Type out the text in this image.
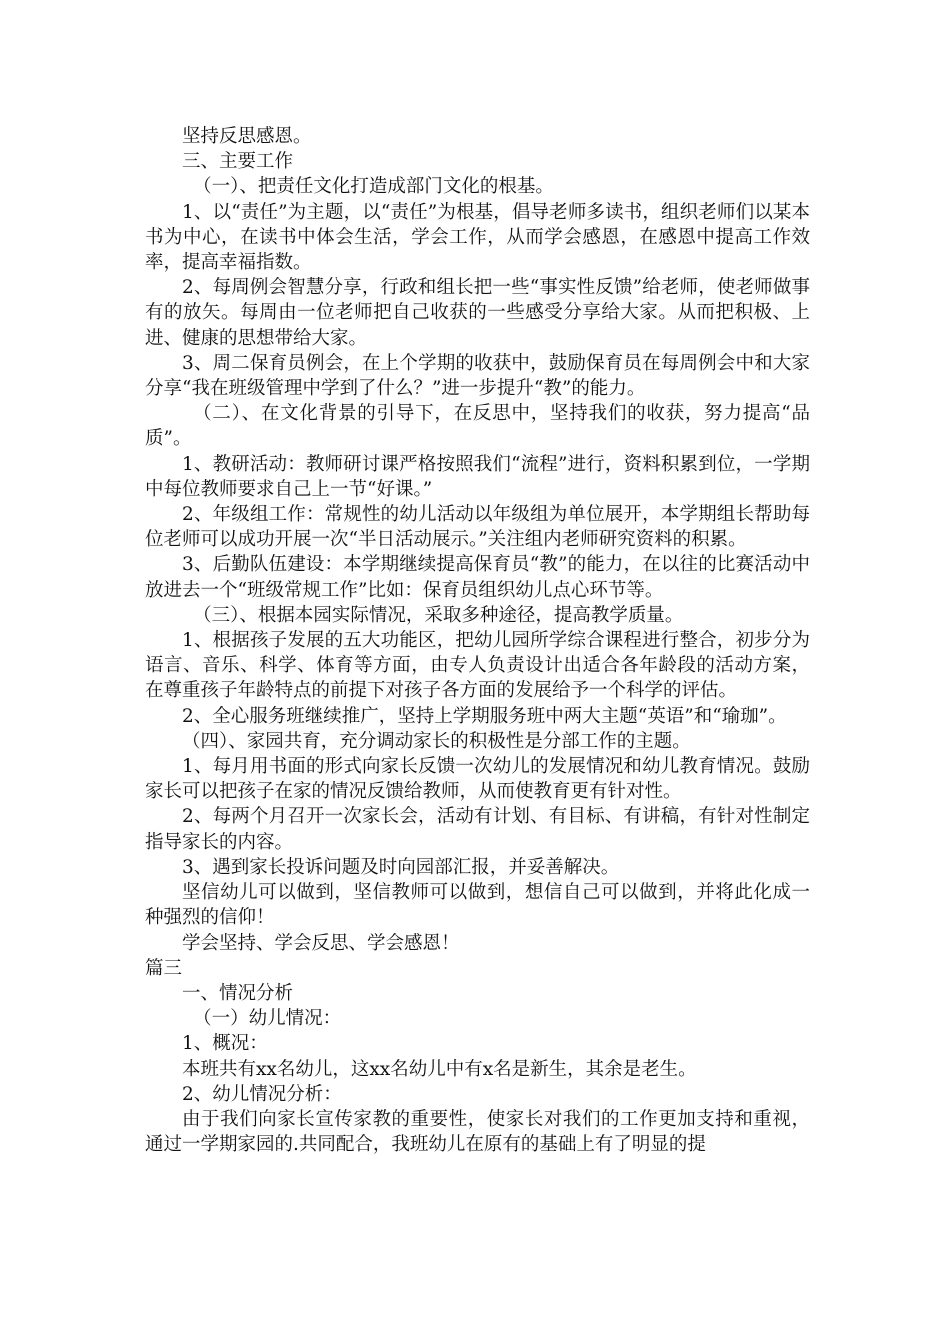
坚持反思感恩。

三、主要工作

（一）、把责任文化打造成部门文化的根基。

1、以“责任”为主题，以“责任”为根基，倡导老师多读书，组织老师们以某本书为中心，在读书中体会生活，学会工作，从而学会感恩，在感恩中提高工作效率，提高幸福指数。

2、每周例会智慧分享，行政和组长把一些“事实性反馈”给老师，使老师做事有的放矢。每周由一位老师把自己收获的一些感受分享给大家。从而把积极、上进、健康的思想带给大家。

3、周二保育员例会，在上个学期的收获中，鼓励保育员在每周例会中和大家分享“我在班级管理中学到了什么？”进一步提升“教”的能力。

（二）、在文化背景的引导下，在反思中，坚持我们的收获，努力提高“品质”。

1、教研活动：教师研讨课严格按照我们“流程”进行，资料积累到位，一学期中每位教师要求自己上一节“好课。”

2、年级组工作：常规性的幼儿活动以年级组为单位展开，本学期组长帮助每位老师可以成功开展一次“半日活动展示。”关注组内老师研究资料的积累。

3、后勤队伍建设：本学期继续提高保育员“教”的能力，在以往的比赛活动中放进去一个“班级常规工作”比如：保育员组织幼儿点心环节等。

（三）、根据本园实际情况，采取多种途径，提高教学质量。

1、根据孩子发展的五大功能区，把幼儿园所学综合课程进行整合，初步分为语言、音乐、科学、体育等方面，由专人负责设计出适合各年龄段的活动方案，在尊重孩子年龄特点的前提下对孩子各方面的发展给予一个科学的评估。

2、全心服务班继续推广，坚持上学期服务班中两大主题“英语”和“瑜珈”。

（四）、家园共育，充分调动家长的积极性是分部工作的主题。

1、每月用书面的形式向家长反馈一次幼儿的发展情况和幼儿教育情况。鼓励家长可以把孩子在家的情况反馈给教师，从而使教育更有针对性。

2、每两个月召开一次家长会，活动有计划、有目标、有讲稿，有针对性制定指导家长的内容。

3、遇到家长投诉问题及时向园部汇报，并妥善解决。

坚信幼儿可以做到，坚信教师可以做到，想信自己可以做到，并将此化成一种强烈的信仰！

学会坚持、学会反思、学会感恩！

篇三

一、情况分析

（一）幼儿情况：

1、概况：

本班共有xx名幼儿，这xx名幼儿中有x名是新生，其余是老生。

2、幼儿情况分析：

由于我们向家长宣传家教的重要性，使家长对我们的工作更加支持和重视，通过一学期家园的.共同配合，我班幼儿在原有的基础上有了明显的提
